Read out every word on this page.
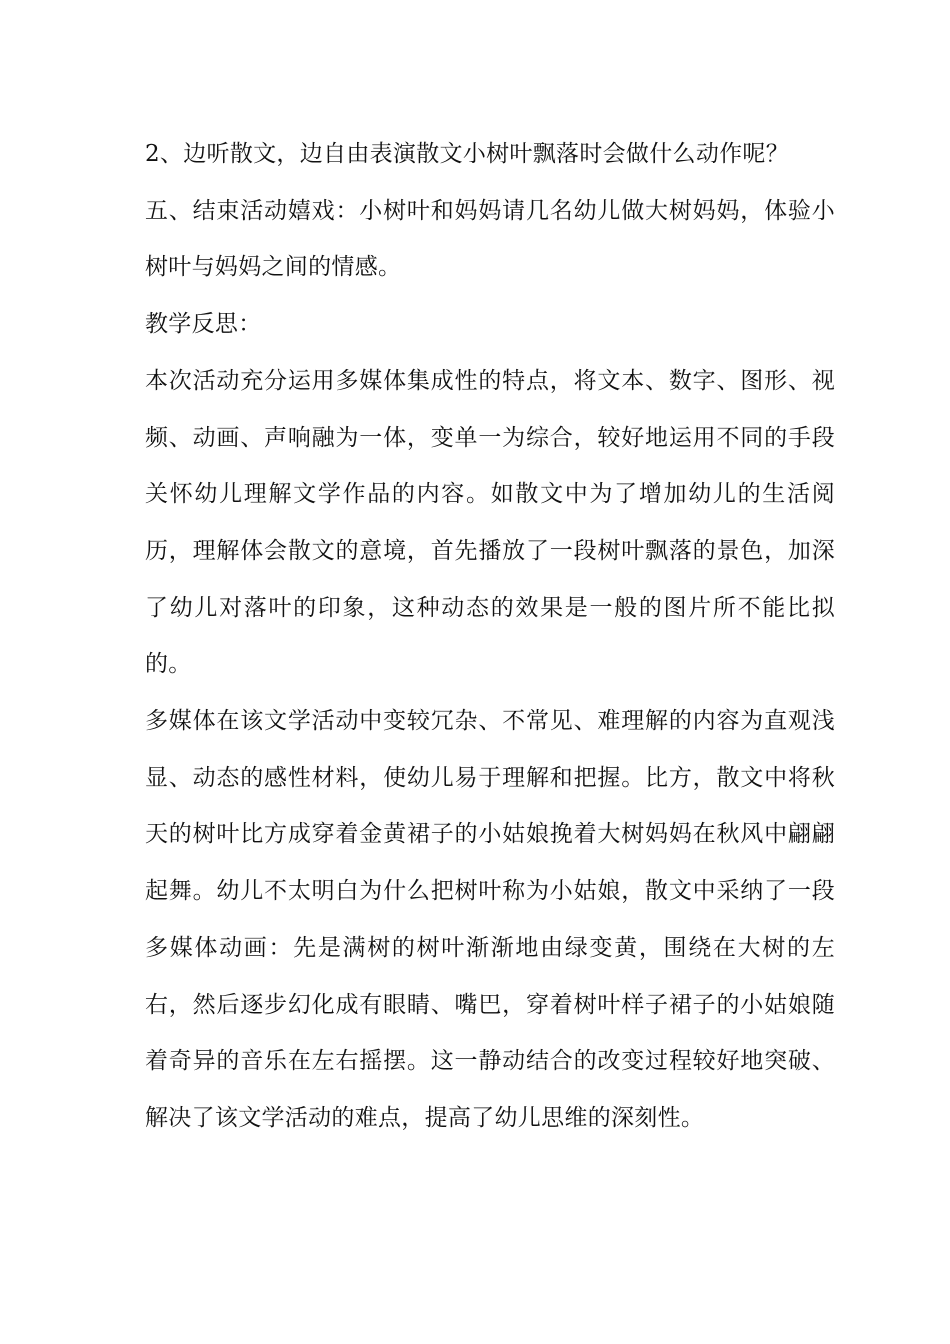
2、边听散文，边自由表演散文小树叶飘落时会做什么动作呢？

五、结束活动嬉戏：小树叶和妈妈请几名幼儿做大树妈妈，体验小树叶与妈妈之间的情感。

教学反思：

本次活动充分运用多媒体集成性的特点，将文本、数字、图形、视频、动画、声响融为一体，变单一为综合，较好地运用不同的手段关怀幼儿理解文学作品的内容。如散文中为了增加幼儿的生活阅历，理解体会散文的意境，首先播放了一段树叶飘落的景色，加深了幼儿对落叶的印象，这种动态的效果是一般的图片所不能比拟的。

多媒体在该文学活动中变较冗杂、不常见、难理解的内容为直观浅显、动态的感性材料，使幼儿易于理解和把握。比方，散文中将秋天的树叶比方成穿着金黄裙子的小姑娘挽着大树妈妈在秋风中翩翩起舞。幼儿不太明白为什么把树叶称为小姑娘，散文中采纳了一段多媒体动画：先是满树的树叶渐渐地由绿变黄，围绕在大树的左右，然后逐步幻化成有眼睛、嘴巴，穿着树叶样子裙子的小姑娘随着奇异的音乐在左右摇摆。这一静动结合的改变过程较好地突破、解决了该文学活动的难点，提高了幼儿思维的深刻性。
